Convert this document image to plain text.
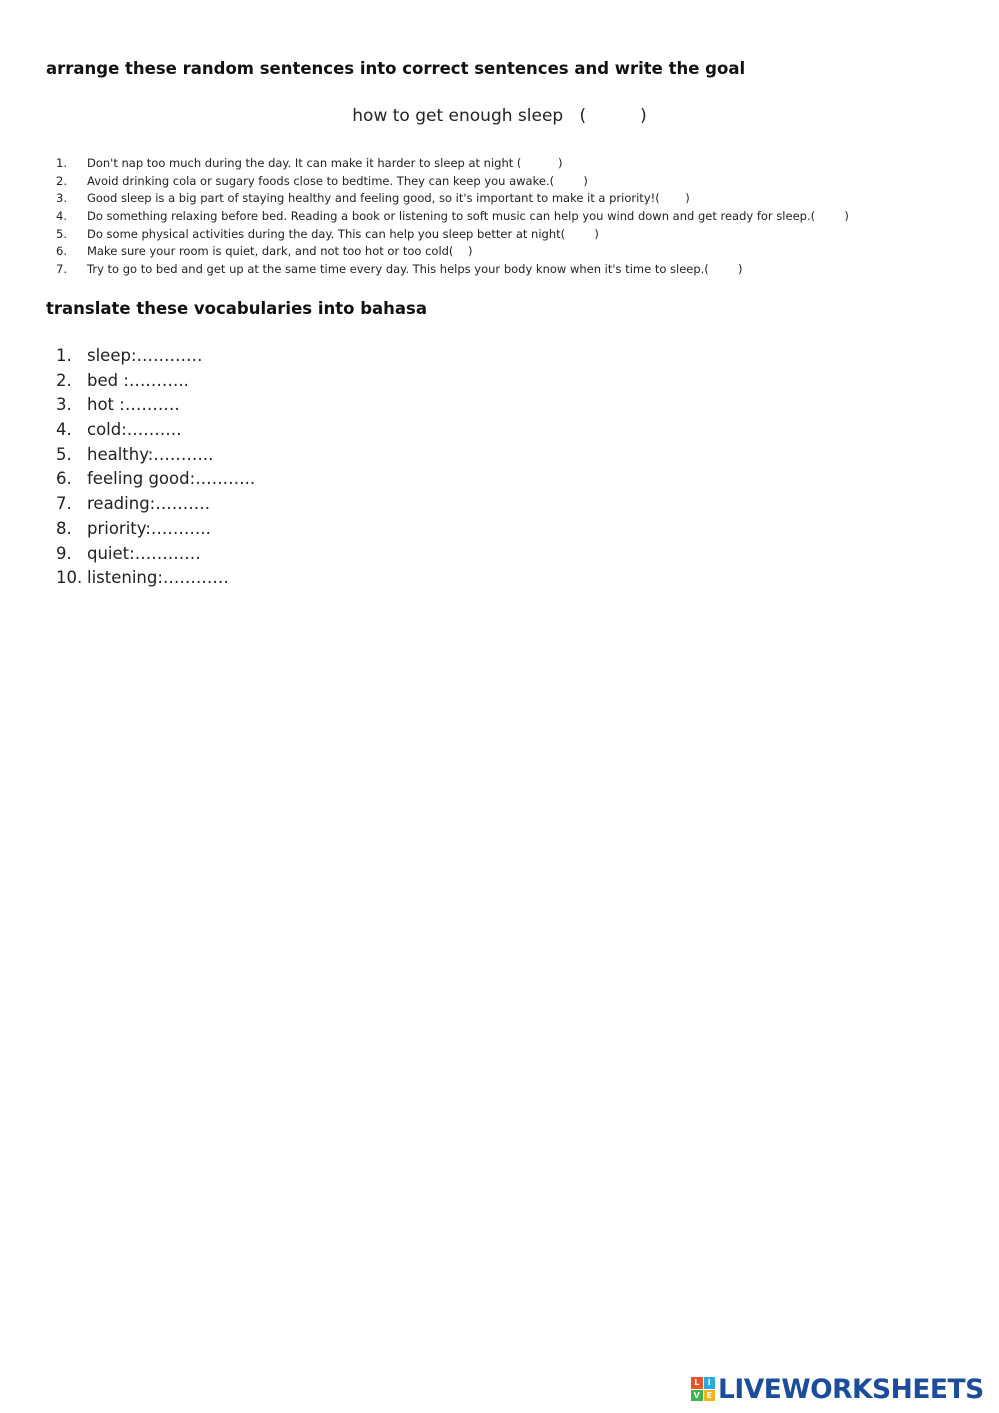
arrange these random sentences into correct sentences and write the goal
how to get enough sleep (	)
1.	Don't nap too much during the day. It can make it harder to sleep at night (          )
2.	Avoid drinking cola or sugary foods close to bedtime. They can keep you awake.(        )
3.	Good sleep is a big part of staying healthy and feeling good, so it's important to make it a priority!(       )
4.	Do something relaxing before bed. Reading a book or listening to soft music can help you wind down and get ready for sleep.(        )
5.	Do some physical activities during the day. This can help you sleep better at night(        )
6.	Make sure your room is quiet, dark, and not too hot or too cold(    )
7.	Try to go to bed and get up at the same time every day. This helps your body know when it's time to sleep.(        )
translate these vocabularies into bahasa
1. sleep:…………
2. bed :………..
3. hot :……….
4. cold:……….
5. healthy:………..
6. feeling good:………..
7. reading:……….
8. priority:………..
9. quiet:…………
10. listening:…………
L	I
V E LIVEWORKSHEETS
